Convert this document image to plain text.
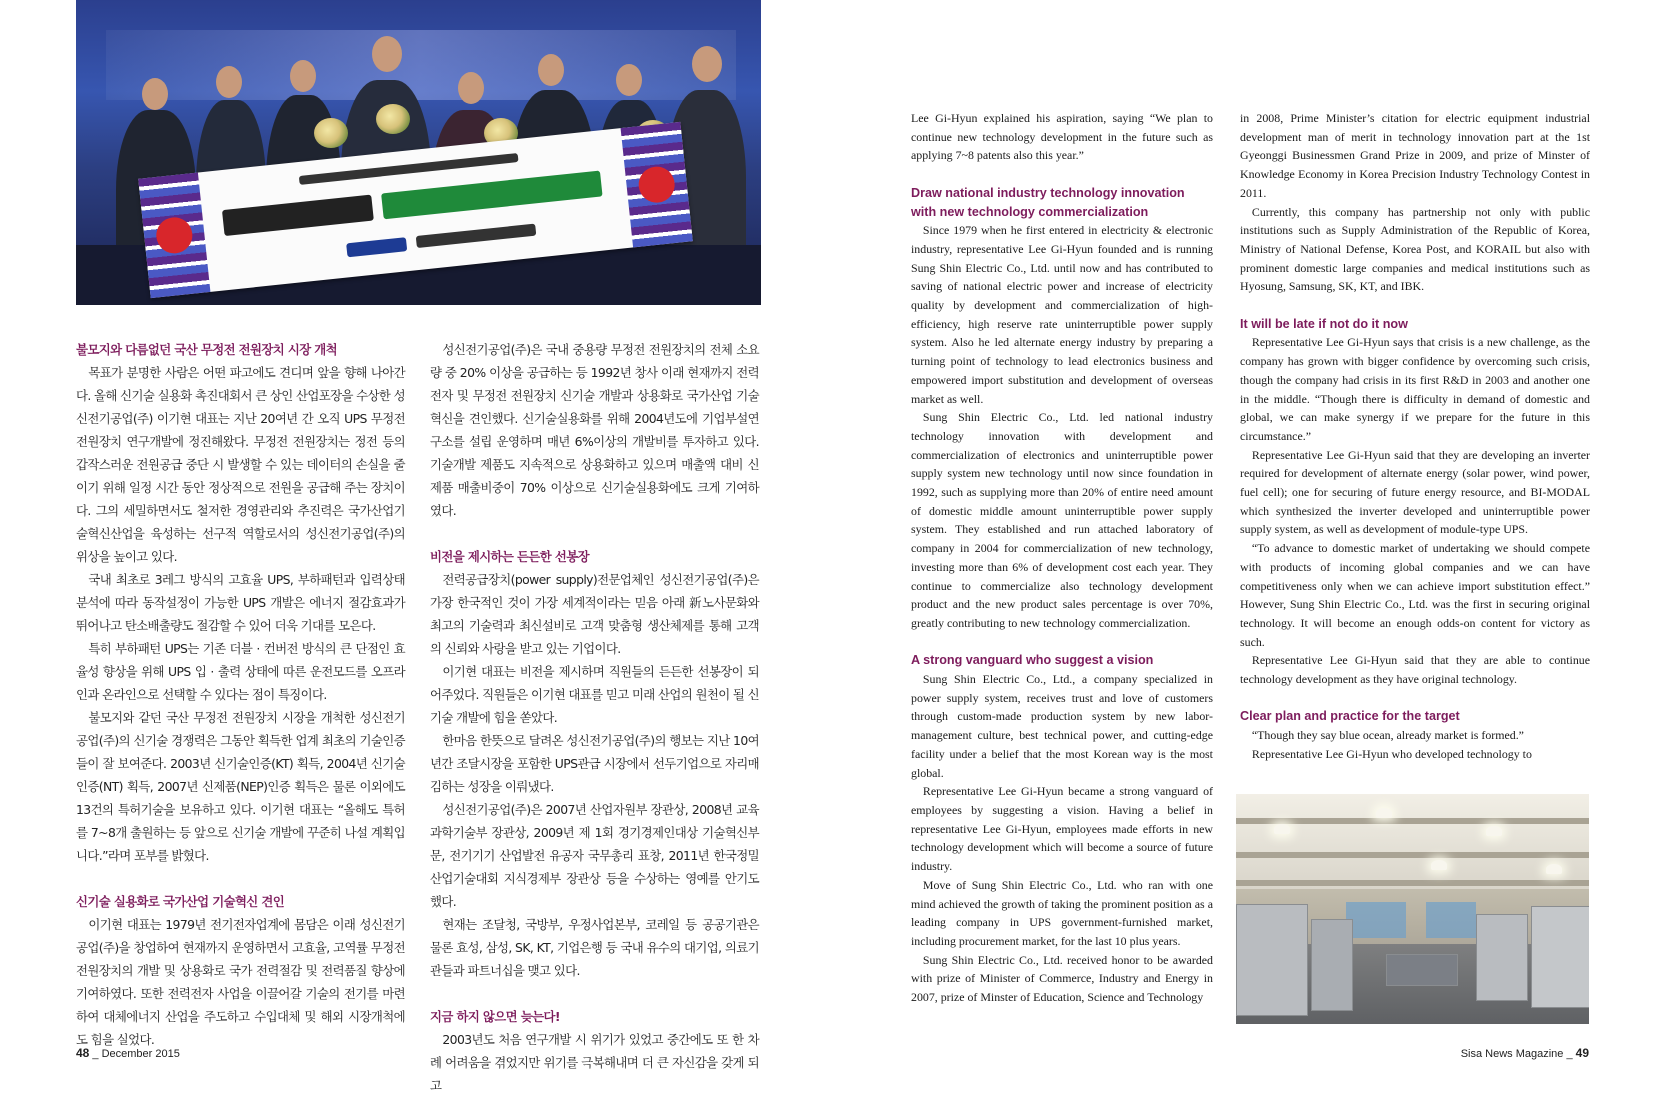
불모지와 다름없던 국산 무정전 전원장치 시장 개척

목표가 분명한 사람은 어떤 파고에도 견디며 앞을 향해 나아간다. 올해 신기술 실용화 촉진대회서 큰 상인 산업포장을 수상한 성신전기공업(주) 이기현 대표는 지난 20여년 간 오직 UPS 무정전 전원장치 연구개발에 정진해왔다. 무정전 전원장치는 정전 등의 갑작스러운 전원공급 중단 시 발생할 수 있는 데이터의 손실을 줄이기 위해 일정 시간 동안 정상적으로 전원을 공급해 주는 장치이다. 그의 세밀하면서도 철저한 경영관리와 추진력은 국가산업기술혁신산업을 육성하는 선구적 역할로서의 성신전기공업(주)의 위상을 높이고 있다.

국내 최초로 3레그 방식의 고효율 UPS, 부하패턴과 입력상태 분석에 따라 동작설정이 가능한 UPS 개발은 에너지 절감효과가 뛰어나고 탄소배출량도 절감할 수 있어 더욱 기대를 모은다.

특히 부하패턴 UPS는 기존 더블 · 컨버전 방식의 큰 단점인 효율성 향상을 위해 UPS 입 · 출력 상태에 따른 운전모드를 오프라인과 온라인으로 선택할 수 있다는 점이 특징이다.

불모지와 같던 국산 무정전 전원장치 시장을 개척한 성신전기공업(주)의 신기술 경쟁력은 그동안 획득한 업계 최초의 기술인증들이 잘 보여준다. 2003년 신기술인증(KT) 획득, 2004년 신기술인증(NT) 획득, 2007년 신제품(NEP)인증 획득은 물론 이외에도 13건의 특허기술을 보유하고 있다. 이기현 대표는 “올해도 특허를 7~8개 출원하는 등 앞으로 신기술 개발에 꾸준히 나설 계획입니다.”라며 포부를 밝혔다.

신기술 실용화로 국가산업 기술혁신 견인

이기현 대표는 1979년 전기전자업계에 몸담은 이래 성신전기공업(주)을 창업하여 현재까지 운영하면서 고효율, 고역률 무정전 전원장치의 개발 및 상용화로 국가 전력절감 및 전력품질 향상에 기여하였다. 또한 전력전자 사업을 이끌어갈 기술의 전기를 마련하여 대체에너지 산업을 주도하고 수입대체 및 해외 시장개척에도 힘을 실었다.

성신전기공업(주)은 국내 중용량 무정전 전원장치의 전체 소요량 중 20% 이상을 공급하는 등 1992년 창사 이래 현재까지 전력전자 및 무정전 전원장치 신기술 개발과 상용화로 국가산업 기술혁신을 견인했다. 신기술실용화를 위해 2004년도에 기업부설연구소를 설립 운영하며 매년 6%이상의 개발비를 투자하고 있다. 기술개발 제품도 지속적으로 상용화하고 있으며 매출액 대비 신제품 매출비중이 70% 이상으로 신기술실용화에도 크게 기여하였다.

비전을 제시하는 든든한 선봉장

전력공급장치(power supply)전문업체인 성신전기공업(주)은 가장 한국적인 것이 가장 세계적이라는 믿음 아래 新노사문화와 최고의 기술력과 최신설비로 고객 맞춤형 생산체제를 통해 고객의 신뢰와 사랑을 받고 있는 기업이다.

이기현 대표는 비전을 제시하며 직원들의 든든한 선봉장이 되어주었다. 직원들은 이기현 대표를 믿고 미래 산업의 원천이 될 신기술 개발에 힘을 쏟았다.

한마음 한뜻으로 달려온 성신전기공업(주)의 행보는 지난 10여년간 조달시장을 포함한 UPS관급 시장에서 선두기업으로 자리매김하는 성장을 이뤄냈다.

성신전기공업(주)은 2007년 산업자원부 장관상, 2008년 교육과학기술부 장관상, 2009년 제 1회 경기경제인대상 기술혁신부문, 전기기기 산업발전 유공자 국무총리 표창, 2011년 한국정밀산업기술대회 지식경제부 장관상 등을 수상하는 영예를 안기도 했다.

현재는 조달청, 국방부, 우정사업본부, 코레일 등 공공기관은 물론 효성, 삼성, SK, KT, 기업은행 등 국내 유수의 대기업, 의료기관들과 파트너십을 맺고 있다.

지금 하지 않으면 늦는다!

2003년도 처음 연구개발 시 위기가 있었고 중간에도 또 한 차례 어려움을 겪었지만 위기를 극복해내며 더 큰 자신감을 갖게 되고

Lee Gi-Hyun explained his aspiration, saying “We plan to continue new technology development in the future such as applying 7~8 patents also this year.”

Draw national industry technology innovation with new technology commercialization

Since 1979 when he first entered in electricity & electronic industry, representative Lee Gi-Hyun founded and is running Sung Shin Electric Co., Ltd. until now and has contributed to saving of national electric power and increase of electricity quality by development and commercialization of high-efficiency, high reserve rate uninterruptible power supply system. Also he led alternate energy industry by preparing a turning point of technology to lead electronics business and empowered import substitution and development of overseas market as well.

Sung Shin Electric Co., Ltd. led national industry technology innovation with development and commercialization of electronics and uninterruptible power supply system new technology until now since foundation in 1992, such as supplying more than 20% of entire need amount of domestic middle amount uninterruptible power supply system. They established and run attached laboratory of company in 2004 for commercialization of new technology, investing more than 6% of development cost each year. They continue to commercialize also technology development product and the new product sales percentage is over 70%, greatly contributing to new technology commercialization.

A strong vanguard who suggest a vision

Sung Shin Electric Co., Ltd., a company specialized in power supply system, receives trust and love of customers through custom-made production system by new labor-management culture, best technical power, and cutting-edge facility under a belief that the most Korean way is the most global.

Representative Lee Gi-Hyun became a strong vanguard of employees by suggesting a vision. Having a belief in representative Lee Gi-Hyun, employees made efforts in new technology development which will become a source of future industry.

Move of Sung Shin Electric Co., Ltd. who ran with one mind achieved the growth of taking the prominent position as a leading company in UPS government-furnished market, including procurement market, for the last 10 plus years.

Sung Shin Electric Co., Ltd. received honor to be awarded with prize of Minister of Commerce, Industry and Energy in 2007, prize of Minster of Education, Science and Technology

in 2008, Prime Minister’s citation for electric equipment industrial development man of merit in technology innovation part at the 1st Gyeonggi Businessmen Grand Prize in 2009, and prize of Minster of Knowledge Economy in Korea Precision Industry Technology Contest in 2011.

Currently, this company has partnership not only with public institutions such as Supply Administration of the Republic of Korea, Ministry of National Defense, Korea Post, and KORAIL but also with prominent domestic large companies and medical institutions such as Hyosung, Samsung, SK, KT, and IBK.

It will be late if not do it now

Representative Lee Gi-Hyun says that crisis is a new challenge, as the company has grown with bigger confidence by overcoming such crisis, though the company had crisis in its first R&D in 2003 and another one in the middle. “Though there is difficulty in demand of domestic and global, we can make synergy if we prepare for the future in this circumstance.”

Representative Lee Gi-Hyun said that they are developing an inverter required for development of alternate energy (solar power, wind power, fuel cell); one for securing of future energy resource, and BI-MODAL which synthesized the inverter developed and uninterruptible power supply system, as well as development of module-type UPS.

“To advance to domestic market of undertaking we should compete with products of incoming global companies and we can have competitiveness only when we can achieve import substitution effect.” However, Sung Shin Electric Co., Ltd. was the first in securing original technology. It will become an enough odds-on content for victory as such.

Representative Lee Gi-Hyun said that they are able to continue technology development as they have original technology.

Clear plan and practice for the target

“Though they say blue ocean, already market is formed.”

Representative Lee Gi-Hyun who developed technology to

48 _ December 2015	Sisa News Magazine _ 49
